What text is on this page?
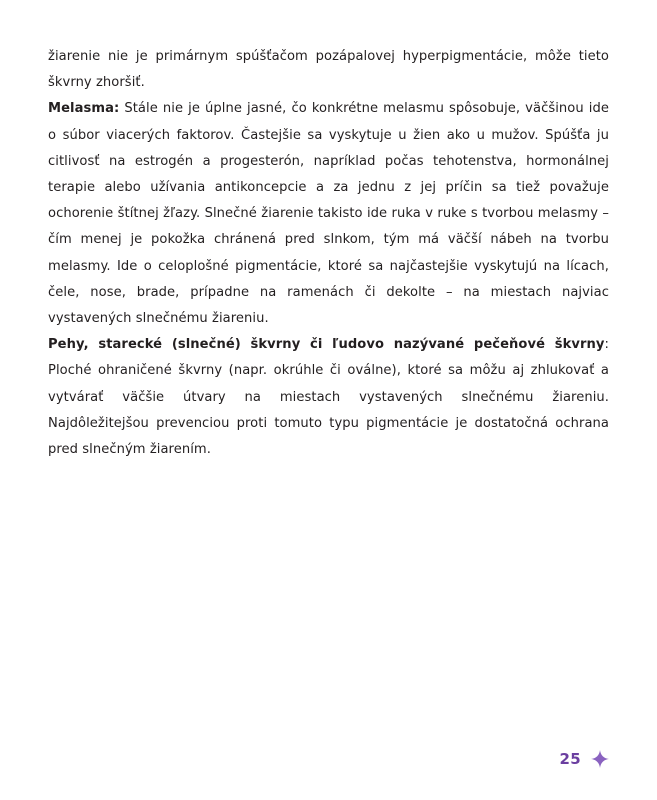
žiarenie nie je primárnym spúšťačom pozápalovej hyperpigmentácie, môže tieto škvrny zhoršiť.

Melasma: Stále nie je úplne jasné, čo konkrétne melasmu spôsobuje, väčšinou ide o súbor viacerých faktorov. Častejšie sa vyskytuje u žien ako u mužov. Spúšťa ju citlivosť na estrogén a progesterón, napríklad počas tehotenstva, hormonálnej terapie alebo užívania antikoncepcie a za jednu z jej príčin sa tiež považuje ochorenie štítnej žľazy. Slnečné žiarenie takisto ide ruka v ruke s tvorbou melasmy – čím menej je pokožka chránená pred slnkom, tým má väčší nábeh na tvorbu melasmy. Ide o celoplošné pigmentácie, ktoré sa najčastejšie vyskytujú na lícach, čele, nose, brade, prípadne na ramenách či dekolte – na miestach najviac vystavených slnečnému žiareniu.

Pehy, starecké (slnečné) škvrny či ľudovo nazývané pečeňové škvrny: Ploché ohraničené škvrny (napr. okrúhle či oválne), ktoré sa môžu aj zhlukovať a vytvárať väčšie útvary na miestach vystavených slnečnému žiareniu. Najdôležitejšou prevenciou proti tomuto typu pigmentácie je dostatočná ochrana pred slnečným žiarením.

25
